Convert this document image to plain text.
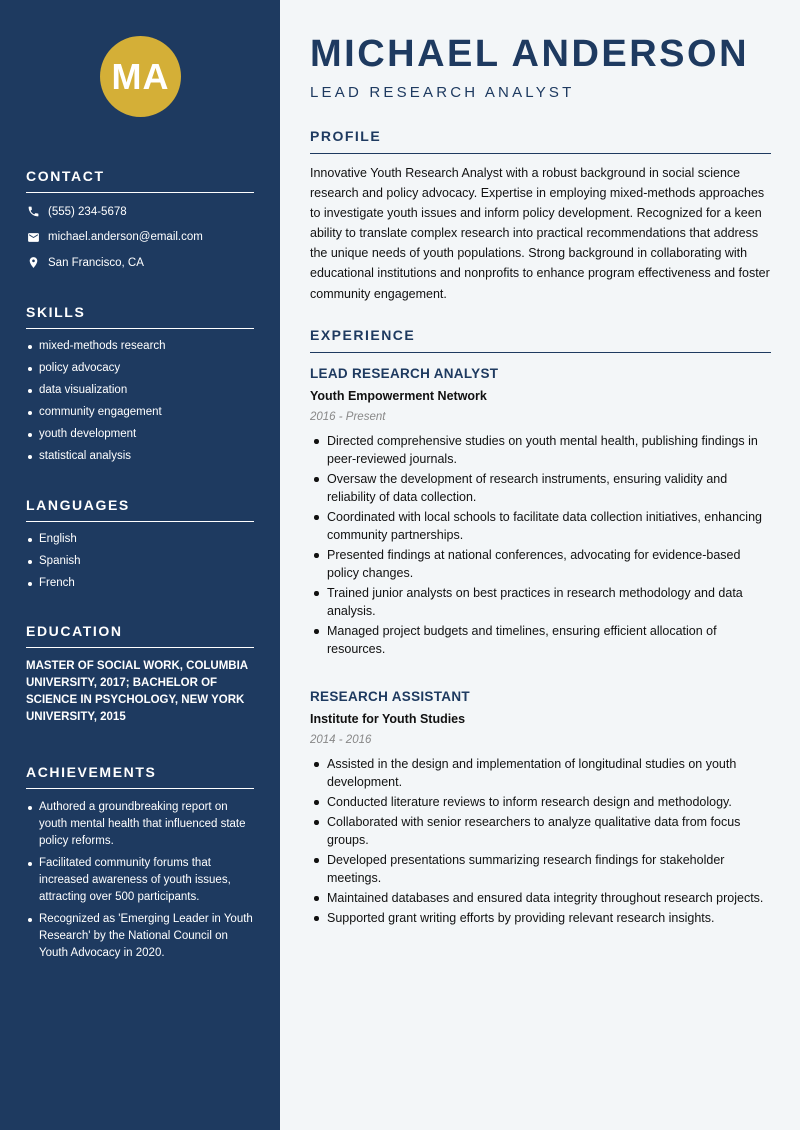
MA
CONTACT
(555) 234-5678
michael.anderson@email.com
San Francisco, CA
SKILLS
mixed-methods research
policy advocacy
data visualization
community engagement
youth development
statistical analysis
LANGUAGES
English
Spanish
French
EDUCATION
MASTER OF SOCIAL WORK, COLUMBIA UNIVERSITY, 2017; BACHELOR OF SCIENCE IN PSYCHOLOGY, NEW YORK UNIVERSITY, 2015
ACHIEVEMENTS
Authored a groundbreaking report on youth mental health that influenced state policy reforms.
Facilitated community forums that increased awareness of youth issues, attracting over 500 participants.
Recognized as 'Emerging Leader in Youth Research' by the National Council on Youth Advocacy in 2020.
MICHAEL ANDERSON
LEAD RESEARCH ANALYST
PROFILE
Innovative Youth Research Analyst with a robust background in social science research and policy advocacy. Expertise in employing mixed-methods approaches to investigate youth issues and inform policy development. Recognized for a keen ability to translate complex research into practical recommendations that address the unique needs of youth populations. Strong background in collaborating with educational institutions and nonprofits to enhance program effectiveness and foster community engagement.
EXPERIENCE
LEAD RESEARCH ANALYST
Youth Empowerment Network
2016 - Present
Directed comprehensive studies on youth mental health, publishing findings in peer-reviewed journals.
Oversaw the development of research instruments, ensuring validity and reliability of data collection.
Coordinated with local schools to facilitate data collection initiatives, enhancing community partnerships.
Presented findings at national conferences, advocating for evidence-based policy changes.
Trained junior analysts on best practices in research methodology and data analysis.
Managed project budgets and timelines, ensuring efficient allocation of resources.
RESEARCH ASSISTANT
Institute for Youth Studies
2014 - 2016
Assisted in the design and implementation of longitudinal studies on youth development.
Conducted literature reviews to inform research design and methodology.
Collaborated with senior researchers to analyze qualitative data from focus groups.
Developed presentations summarizing research findings for stakeholder meetings.
Maintained databases and ensured data integrity throughout research projects.
Supported grant writing efforts by providing relevant research insights.
